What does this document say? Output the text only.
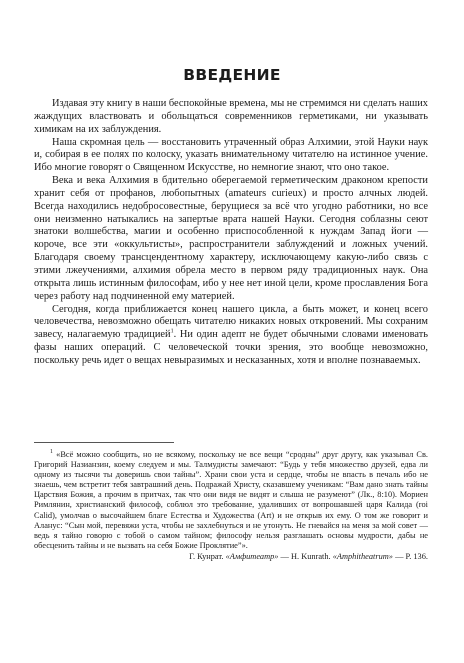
ВВЕДЕНИЕ

Издавая эту книгу в наши беспокойные времена, мы не стремимся ни сделать наших жаждущих властвовать и обольщаться современников герметиками, ни указывать химикам на их заблуждения.

Наша скромная цель — восстановить утраченный образ Алхимии, этой Науки наук и, собирая в ее полях по колоску, указать внимательному читателю на истинное учение. Ибо многие говорят о Священном Искусстве, но немногие знают, что оно такое.

Века и века Алхимия в бдительно оберегаемой герметическим драконом крепости хранит себя от профанов, любопытных (amateurs curieux) и просто алчных людей. Всегда находились недобросовестные, берущиеся за всё что угодно работники, но все они неизменно натыкались на запертые врата нашей Науки. Сегодня соблазны сеют знатоки волшебства, магии и особенно приспособленной к нуждам Запад йоги — короче, все эти «оккультисты», распространители заблуждений и ложных учений. Благодаря своему трансцендентному характеру, исключающему какую-либо связь с этими лжеучениями, алхимия обрела место в первом ряду традиционных наук. Она открыта лишь истинным философам, ибо у нее нет иной цели, кроме прославления Бога через работу над подчиненной ему материей.

Сегодня, когда приближается конец нашего цикла, а быть может, и конец всего человечества, невозможно обещать читателю никаких новых откровений. Мы сохраним завесу, налагаемую традицией$^1$. Ни один адепт не будет обычными словами именовать фазы наших операций. С человеческой точки зрения, это вообще невозможно, поскольку речь идет о вещах невыразимых и несказанных, хотя и вполне познаваемых.

$^1$ «Всё можно сообщить, но не всякому, поскольку не все вещи “сродны” друг другу, как указывал Св. Григорий Назианзин, коему следуем и мы. Талмудисты замечают: “Будь у тебя множество друзей, едва ли одному из тысячи ты доверишь свои тайны”. Храни свои уста и сердце, чтобы не впасть в печаль ибо не знаешь, чем встретит тебя завтрашний день. Подражай Христу, сказавшему ученикам: “Вам дано знать тайны Царствия Божия, а прочим в притчах, так что они видя не видят и слыша не разумеют” (Лк., 8:10). Мориен Римлянин, христианский философ, соблюл это требование, удаливших от вопрошавшей царя Калида (roi Calid), умолчав о высочайшем благе Естества и Художества (Art) и не открыв их ему. О том же говорит и Аланус: “Сын мой, перевяжи уста, чтобы не захлебнуться и не утонуть. Не гневайся на меня за мой совет — ведь я тайно говорю с тобой о самом тайном; философу нельзя разглашать основы мудрости, дабы не обесценить тайны и не вызвать на себя Божие Проклятие”».

Г. Кунрат. «Амфитеатр» — H. Kunrath. «Amphitheatrum» — P. 136.
